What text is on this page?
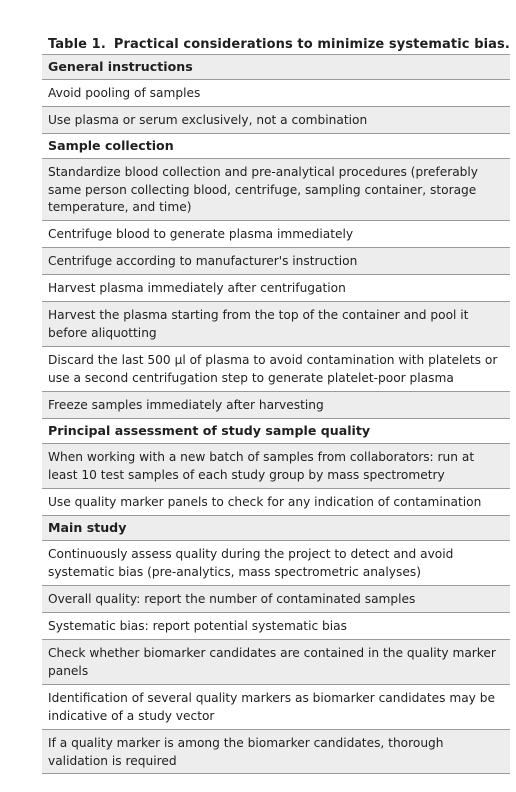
Table 1. Practical considerations to minimize systematic bias.
General instructions
Avoid pooling of samples
Use plasma or serum exclusively, not a combination
Sample collection
Standardize blood collection and pre-analytical procedures (preferably same person collecting blood, centrifuge, sampling container, storage temperature, and time)
Centrifuge blood to generate plasma immediately
Centrifuge according to manufacturer's instruction
Harvest plasma immediately after centrifugation
Harvest the plasma starting from the top of the container and pool it before aliquotting
Discard the last 500 µl of plasma to avoid contamination with platelets or use a second centrifugation step to generate platelet-poor plasma
Freeze samples immediately after harvesting
Principal assessment of study sample quality
When working with a new batch of samples from collaborators: run at least 10 test samples of each study group by mass spectrometry
Use quality marker panels to check for any indication of contamination
Main study
Continuously assess quality during the project to detect and avoid systematic bias (pre-analytics, mass spectrometric analyses)
Overall quality: report the number of contaminated samples
Systematic bias: report potential systematic bias
Check whether biomarker candidates are contained in the quality marker panels
Identification of several quality markers as biomarker candidates may be indicative of a study vector
If a quality marker is among the biomarker candidates, thorough validation is required
